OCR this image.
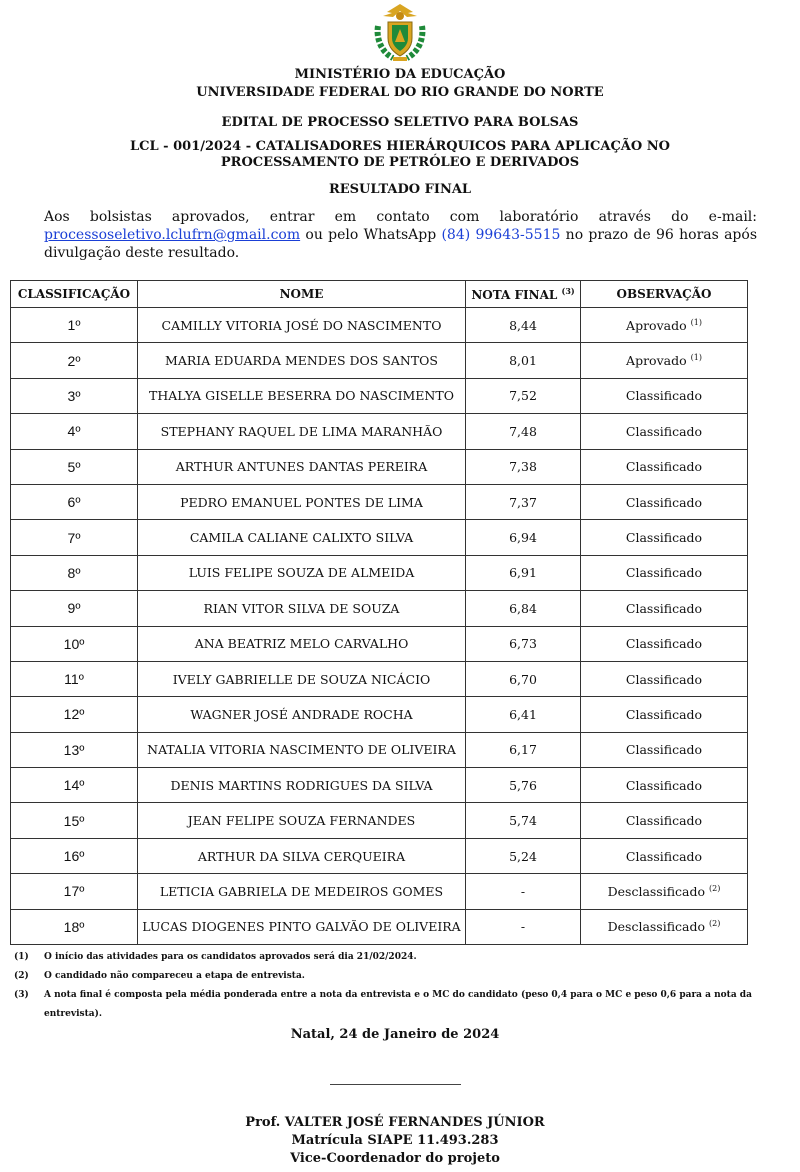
MINISTÉRIO DA EDUCAÇÃO
UNIVERSIDADE FEDERAL DO RIO GRANDE DO NORTE
EDITAL DE PROCESSO SELETIVO PARA BOLSAS
LCL - 001/2024 - CATALISADORES HIERÁRQUICOS PARA APLICAÇÃO NO PROCESSAMENTO DE PETRÓLEO E DERIVADOS
RESULTADO FINAL
Aos bolsistas aprovados, entrar em contato com laboratório através do e-mail: processoseletivo.lclufrn@gmail.com ou pelo WhatsApp (84) 99643-5515 no prazo de 96 horas após divulgação deste resultado.
CLASSIFICAÇÃO	NOME	NOTA FINAL $^{(3)}$	OBSERVAÇÃO
1º	CAMILLY VITORIA JOSÉ DO NASCIMENTO	8,44	Aprovado $^{(1)}$
2º	MARIA EDUARDA MENDES DOS SANTOS	8,01	Aprovado $^{(1)}$
3º	THALYA GISELLE BESERRA DO NASCIMENTO	7,52	Classificado
4º	STEPHANY RAQUEL DE LIMA MARANHÃO	7,48	Classificado
5º	ARTHUR ANTUNES DANTAS PEREIRA	7,38	Classificado
6º	PEDRO EMANUEL PONTES DE LIMA	7,37	Classificado
7º	CAMILA CALIANE CALIXTO SILVA	6,94	Classificado
8º	LUIS FELIPE SOUZA DE ALMEIDA	6,91	Classificado
9º	RIAN VITOR SILVA DE SOUZA	6,84	Classificado
10º	ANA BEATRIZ MELO CARVALHO	6,73	Classificado
11º	IVELY GABRIELLE DE SOUZA NICÁCIO	6,70	Classificado
12º	WAGNER JOSÉ ANDRADE ROCHA	6,41	Classificado
13º	NATALIA VITORIA NASCIMENTO DE OLIVEIRA	6,17	Classificado
14º	DENIS MARTINS RODRIGUES DA SILVA	5,76	Classificado
15º	JEAN FELIPE SOUZA FERNANDES	5,74	Classificado
16º	ARTHUR DA SILVA CERQUEIRA	5,24	Classificado
17º	LETICIA GABRIELA DE MEDEIROS GOMES	-	Desclassificado $^{(2)}$
18º	LUCAS DIOGENES PINTO GALVÃO DE OLIVEIRA	-	Desclassificado $^{(2)}$
(1) O início das atividades para os candidatos aprovados será dia 21/02/2024.
(2) O candidado não compareceu a etapa de entrevista.
(3) A nota final é composta pela média ponderada entre a nota da entrevista e o MC do candidato (peso 0,4 para o MC e peso 0,6 para a nota da entrevista).
Natal, 24 de Janeiro de 2024
Prof. VALTER JOSÉ FERNANDES JÚNIOR
Matrícula SIAPE 11.493.283
Vice-Coordenador do projeto
